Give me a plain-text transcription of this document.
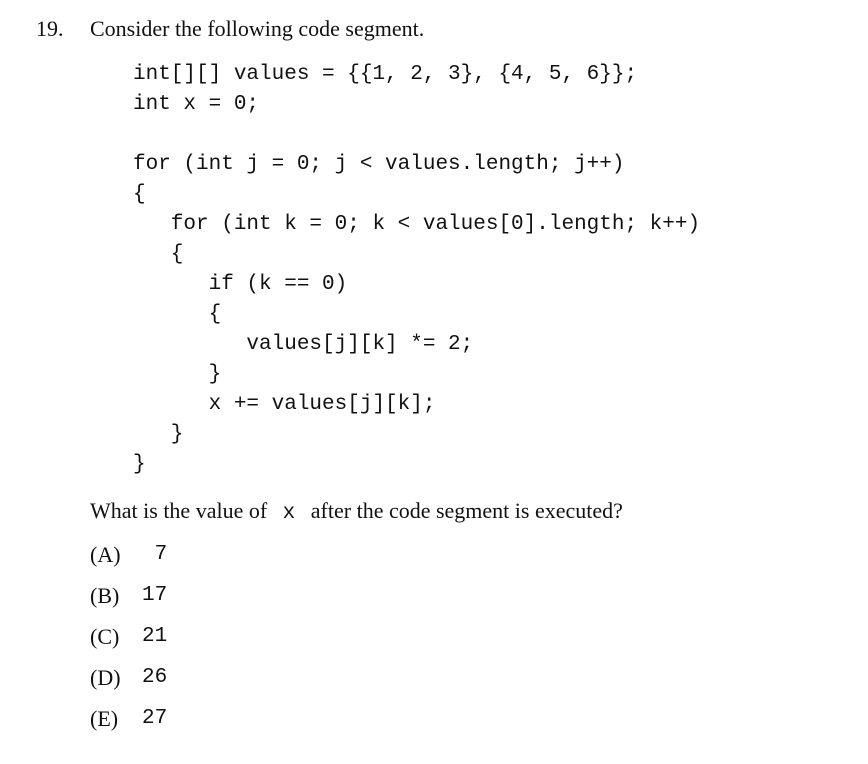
19. Consider the following code segment.
int[][] values = {{1, 2, 3}, {4, 5, 6}};
int x = 0;
for (int j = 0; j < values.length; j++)
{
for (int k = 0; k < values[0].length; k++)
{
if (k == 0)
{
values[j][k] *= 2;
}
x += values[j][k];
}
}
What is the value of x after the code segment is executed?
(A) 7
(B) 17
(C) 21
(D) 26
(E) 27
